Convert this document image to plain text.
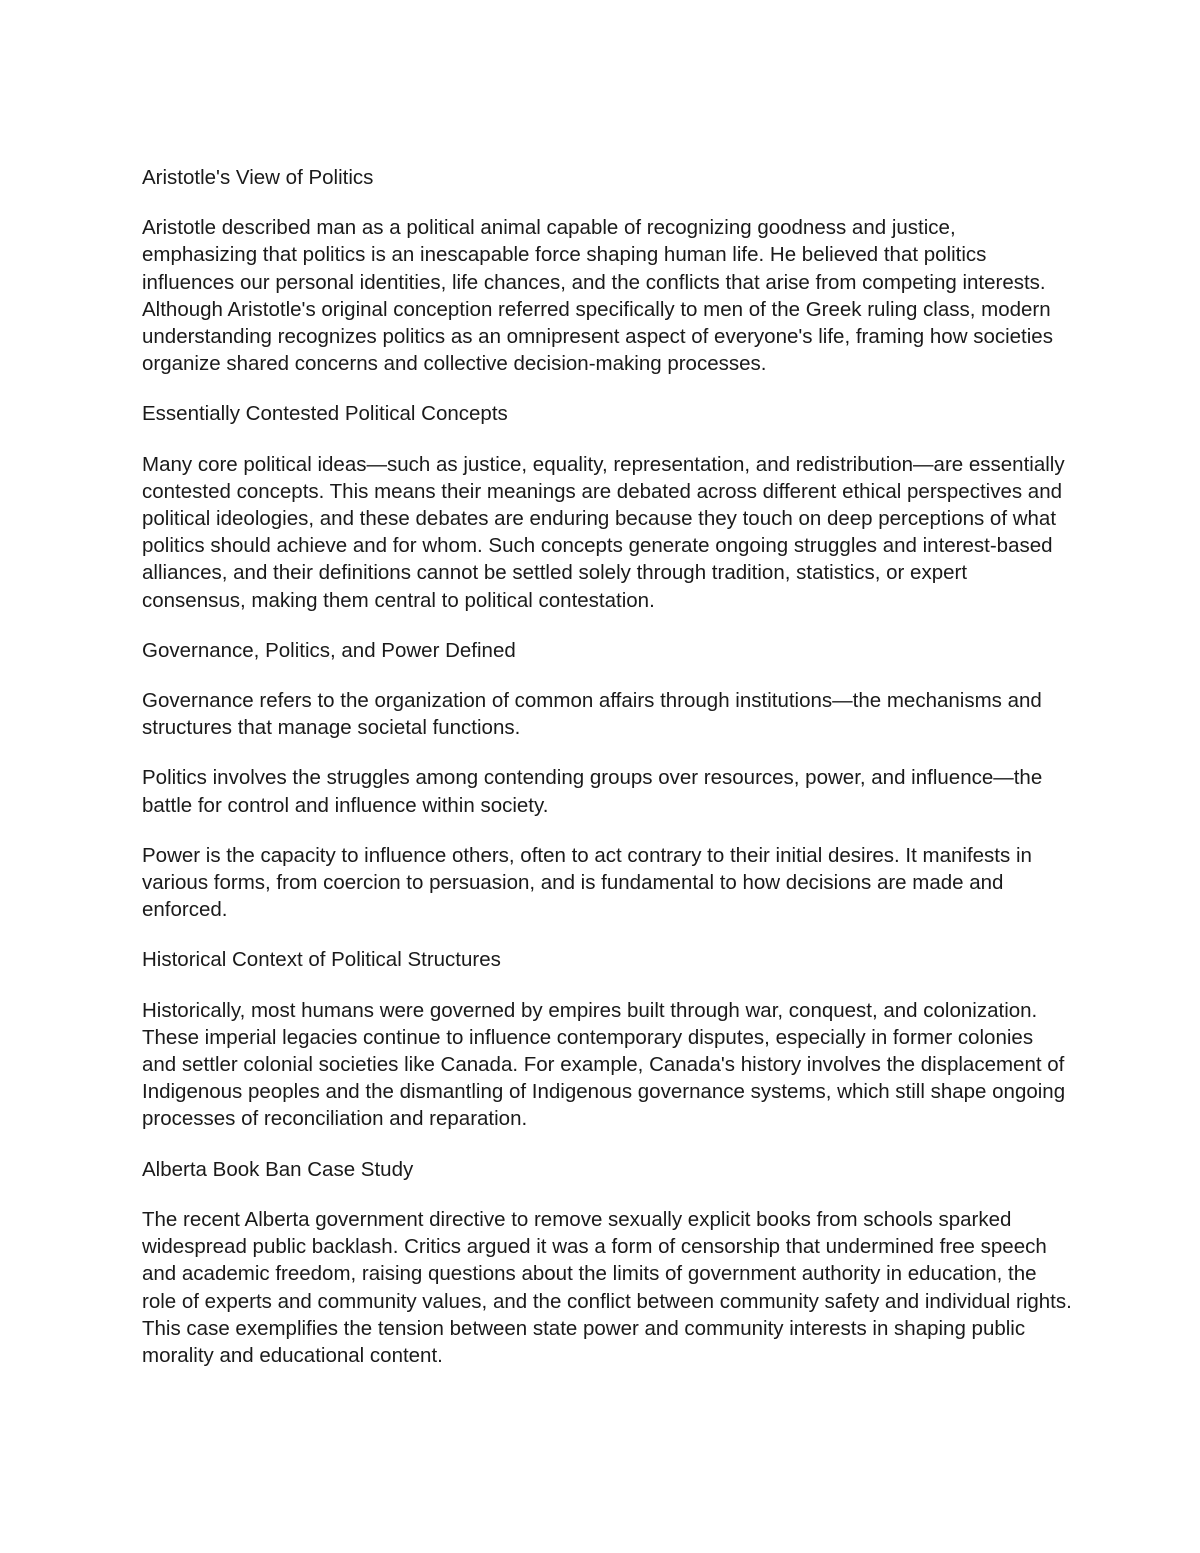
Aristotle's View of Politics

Aristotle described man as a political animal capable of recognizing goodness and justice, emphasizing that politics is an inescapable force shaping human life. He believed that politics influences our personal identities, life chances, and the conflicts that arise from competing interests. Although Aristotle's original conception referred specifically to men of the Greek ruling class, modern understanding recognizes politics as an omnipresent aspect of everyone's life, framing how societies organize shared concerns and collective decision-making processes.

Essentially Contested Political Concepts

Many core political ideas—such as justice, equality, representation, and redistribution—are essentially contested concepts. This means their meanings are debated across different ethical perspectives and political ideologies, and these debates are enduring because they touch on deep perceptions of what politics should achieve and for whom. Such concepts generate ongoing struggles and interest-based alliances, and their definitions cannot be settled solely through tradition, statistics, or expert consensus, making them central to political contestation.

Governance, Politics, and Power Defined

Governance refers to the organization of common affairs through institutions—the mechanisms and structures that manage societal functions.

Politics involves the struggles among contending groups over resources, power, and influence—the battle for control and influence within society.

Power is the capacity to influence others, often to act contrary to their initial desires. It manifests in various forms, from coercion to persuasion, and is fundamental to how decisions are made and enforced.

Historical Context of Political Structures

Historically, most humans were governed by empires built through war, conquest, and colonization. These imperial legacies continue to influence contemporary disputes, especially in former colonies and settler colonial societies like Canada. For example, Canada's history involves the displacement of Indigenous peoples and the dismantling of Indigenous governance systems, which still shape ongoing processes of reconciliation and reparation.

Alberta Book Ban Case Study

The recent Alberta government directive to remove sexually explicit books from schools sparked widespread public backlash. Critics argued it was a form of censorship that undermined free speech and academic freedom, raising questions about the limits of government authority in education, the role of experts and community values, and the conflict between community safety and individual rights. This case exemplifies the tension between state power and community interests in shaping public morality and educational content.
